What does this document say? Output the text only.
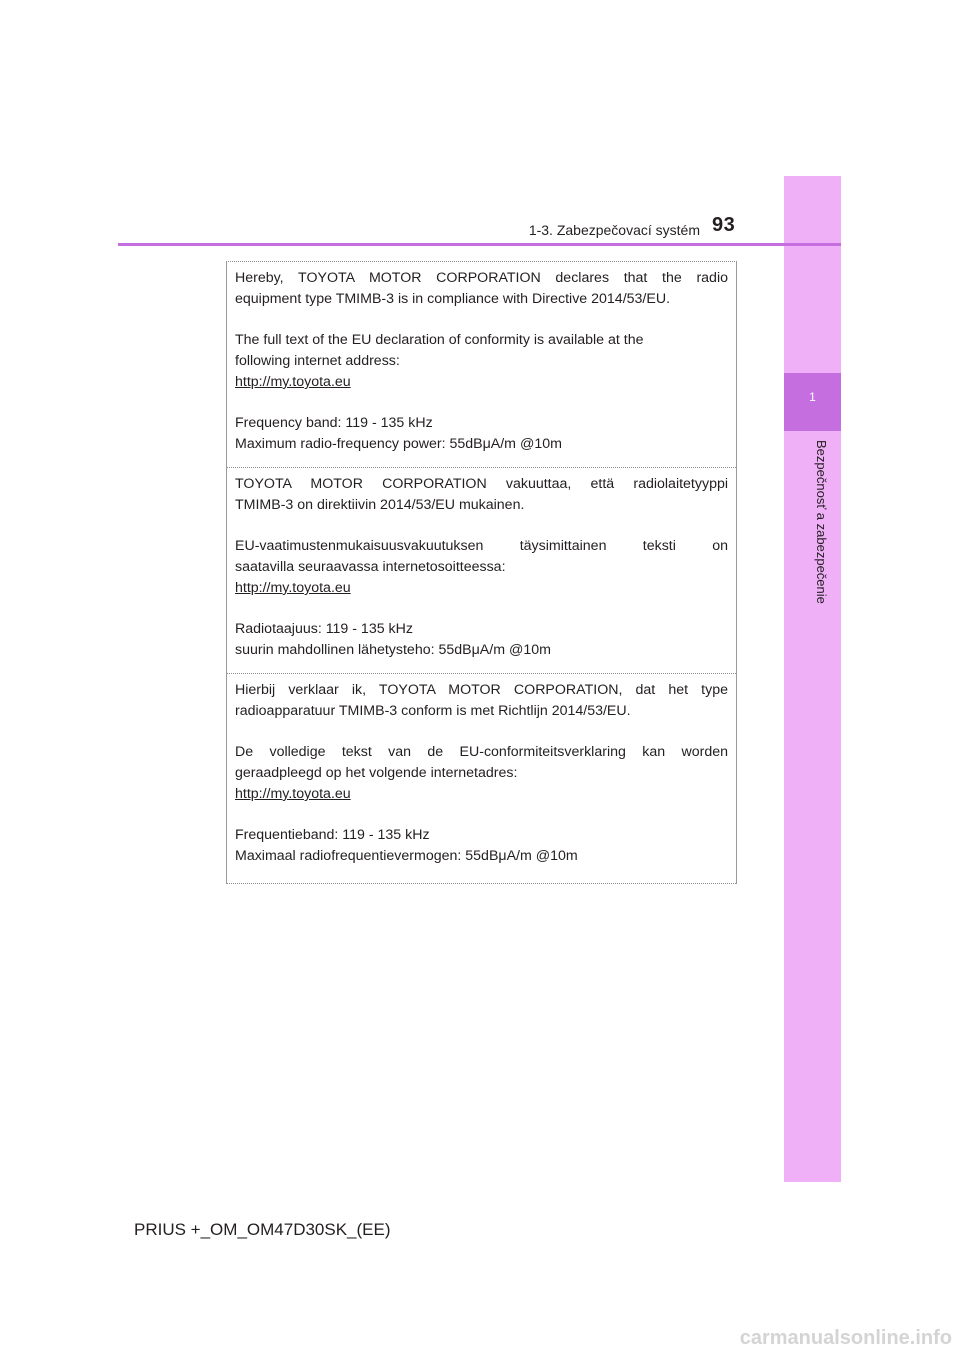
1
Bezpečnosť a zabezpečenie
1-3. Zabezpečovací systém 93

Hereby, TOYOTA MOTOR CORPORATION declares that the radio

equipment type TMIMB-3 is in compliance with Directive 2014/53/EU.

The full text of the EU declaration of conformity is available at the

following internet address:

http://my.toyota.eu

Frequency band: 119 - 135 kHz

Maximum radio-frequency power: 55dBμA/m @10m

TOYOTA MOTOR CORPORATION vakuuttaa, että radiolaitetyyppi

TMIMB-3 on direktiivin 2014/53/EU mukainen.

EU-vaatimustenmukaisuusvakuutuksen täysimittainen teksti on

saatavilla seuraavassa internetosoitteessa:

http://my.toyota.eu

Radiotaajuus: 119 - 135 kHz

suurin mahdollinen lähetysteho: 55dBμA/m @10m

Hierbij verklaar ik, TOYOTA MOTOR CORPORATION, dat het type

radioapparatuur TMIMB-3 conform is met Richtlijn 2014/53/EU.

De volledige tekst van de EU-conformiteitsverklaring kan worden

geraadpleegd op het volgende internetadres:

http://my.toyota.eu

Frequentieband: 119 - 135 kHz

Maximaal radiofrequentievermogen: 55dBμA/m @10m

PRIUS +_OM_OM47D30SK_(EE)
carmanualsonline.info
